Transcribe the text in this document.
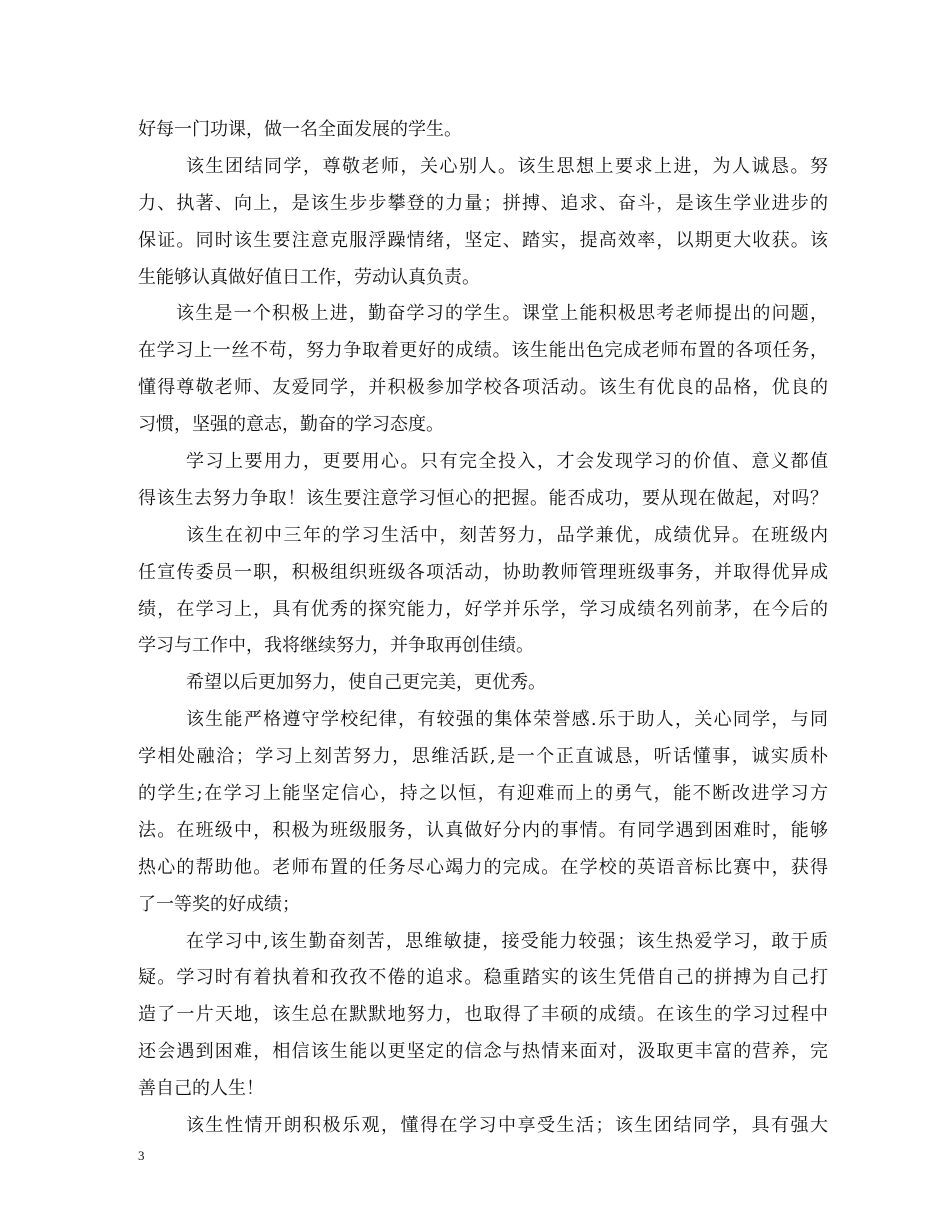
好每一门功课，做一名全面发展的学生。
该生团结同学，尊敬老师，关心别人。该生思想上要求上进，为人诚恳。努
力、执著、向上，是该生步步攀登的力量；拼搏、追求、奋斗，是该生学业进步的
保证。同时该生要注意克服浮躁情绪，坚定、踏实，提高效率，以期更大收获。该
生能够认真做好值日工作，劳动认真负责。
该生是一个积极上进，勤奋学习的学生。课堂上能积极思考老师提出的问题，
在学习上一丝不苟，努力争取着更好的成绩。该生能出色完成老师布置的各项任务，
懂得尊敬老师、友爱同学，并积极参加学校各项活动。该生有优良的品格，优良的
习惯，坚强的意志，勤奋的学习态度。
学习上要用力，更要用心。只有完全投入，才会发现学习的价值、意义都值
得该生去努力争取！该生要注意学习恒心的把握。能否成功，要从现在做起，对吗？
该生在初中三年的学习生活中，刻苦努力，品学兼优，成绩优异。在班级内
任宣传委员一职，积极组织班级各项活动，协助教师管理班级事务，并取得优异成
绩，在学习上，具有优秀的探究能力，好学并乐学，学习成绩名列前茅，在今后的
学习与工作中，我将继续努力，并争取再创佳绩。
希望以后更加努力，使自己更完美，更优秀。
该生能严格遵守学校纪律，有较强的集体荣誉感.乐于助人，关心同学，与同
学相处融洽；学习上刻苦努力，思维活跃,是一个正直诚恳，听话懂事，诚实质朴
的学生;在学习上能坚定信心，持之以恒，有迎难而上的勇气，能不断改进学习方
法。在班级中，积极为班级服务，认真做好分内的事情。有同学遇到困难时，能够
热心的帮助他。老师布置的任务尽心竭力的完成。在学校的英语音标比赛中，获得
了一等奖的好成绩；
在学习中,该生勤奋刻苦，思维敏捷，接受能力较强；该生热爱学习，敢于质
疑。学习时有着执着和孜孜不倦的追求。稳重踏实的该生凭借自己的拼搏为自己打
造了一片天地，该生总在默默地努力，也取得了丰硕的成绩。在该生的学习过程中
还会遇到困难，相信该生能以更坚定的信念与热情来面对，汲取更丰富的营养，完
善自己的人生！
该生性情开朗积极乐观，懂得在学习中享受生活；该生团结同学，具有强大
3
